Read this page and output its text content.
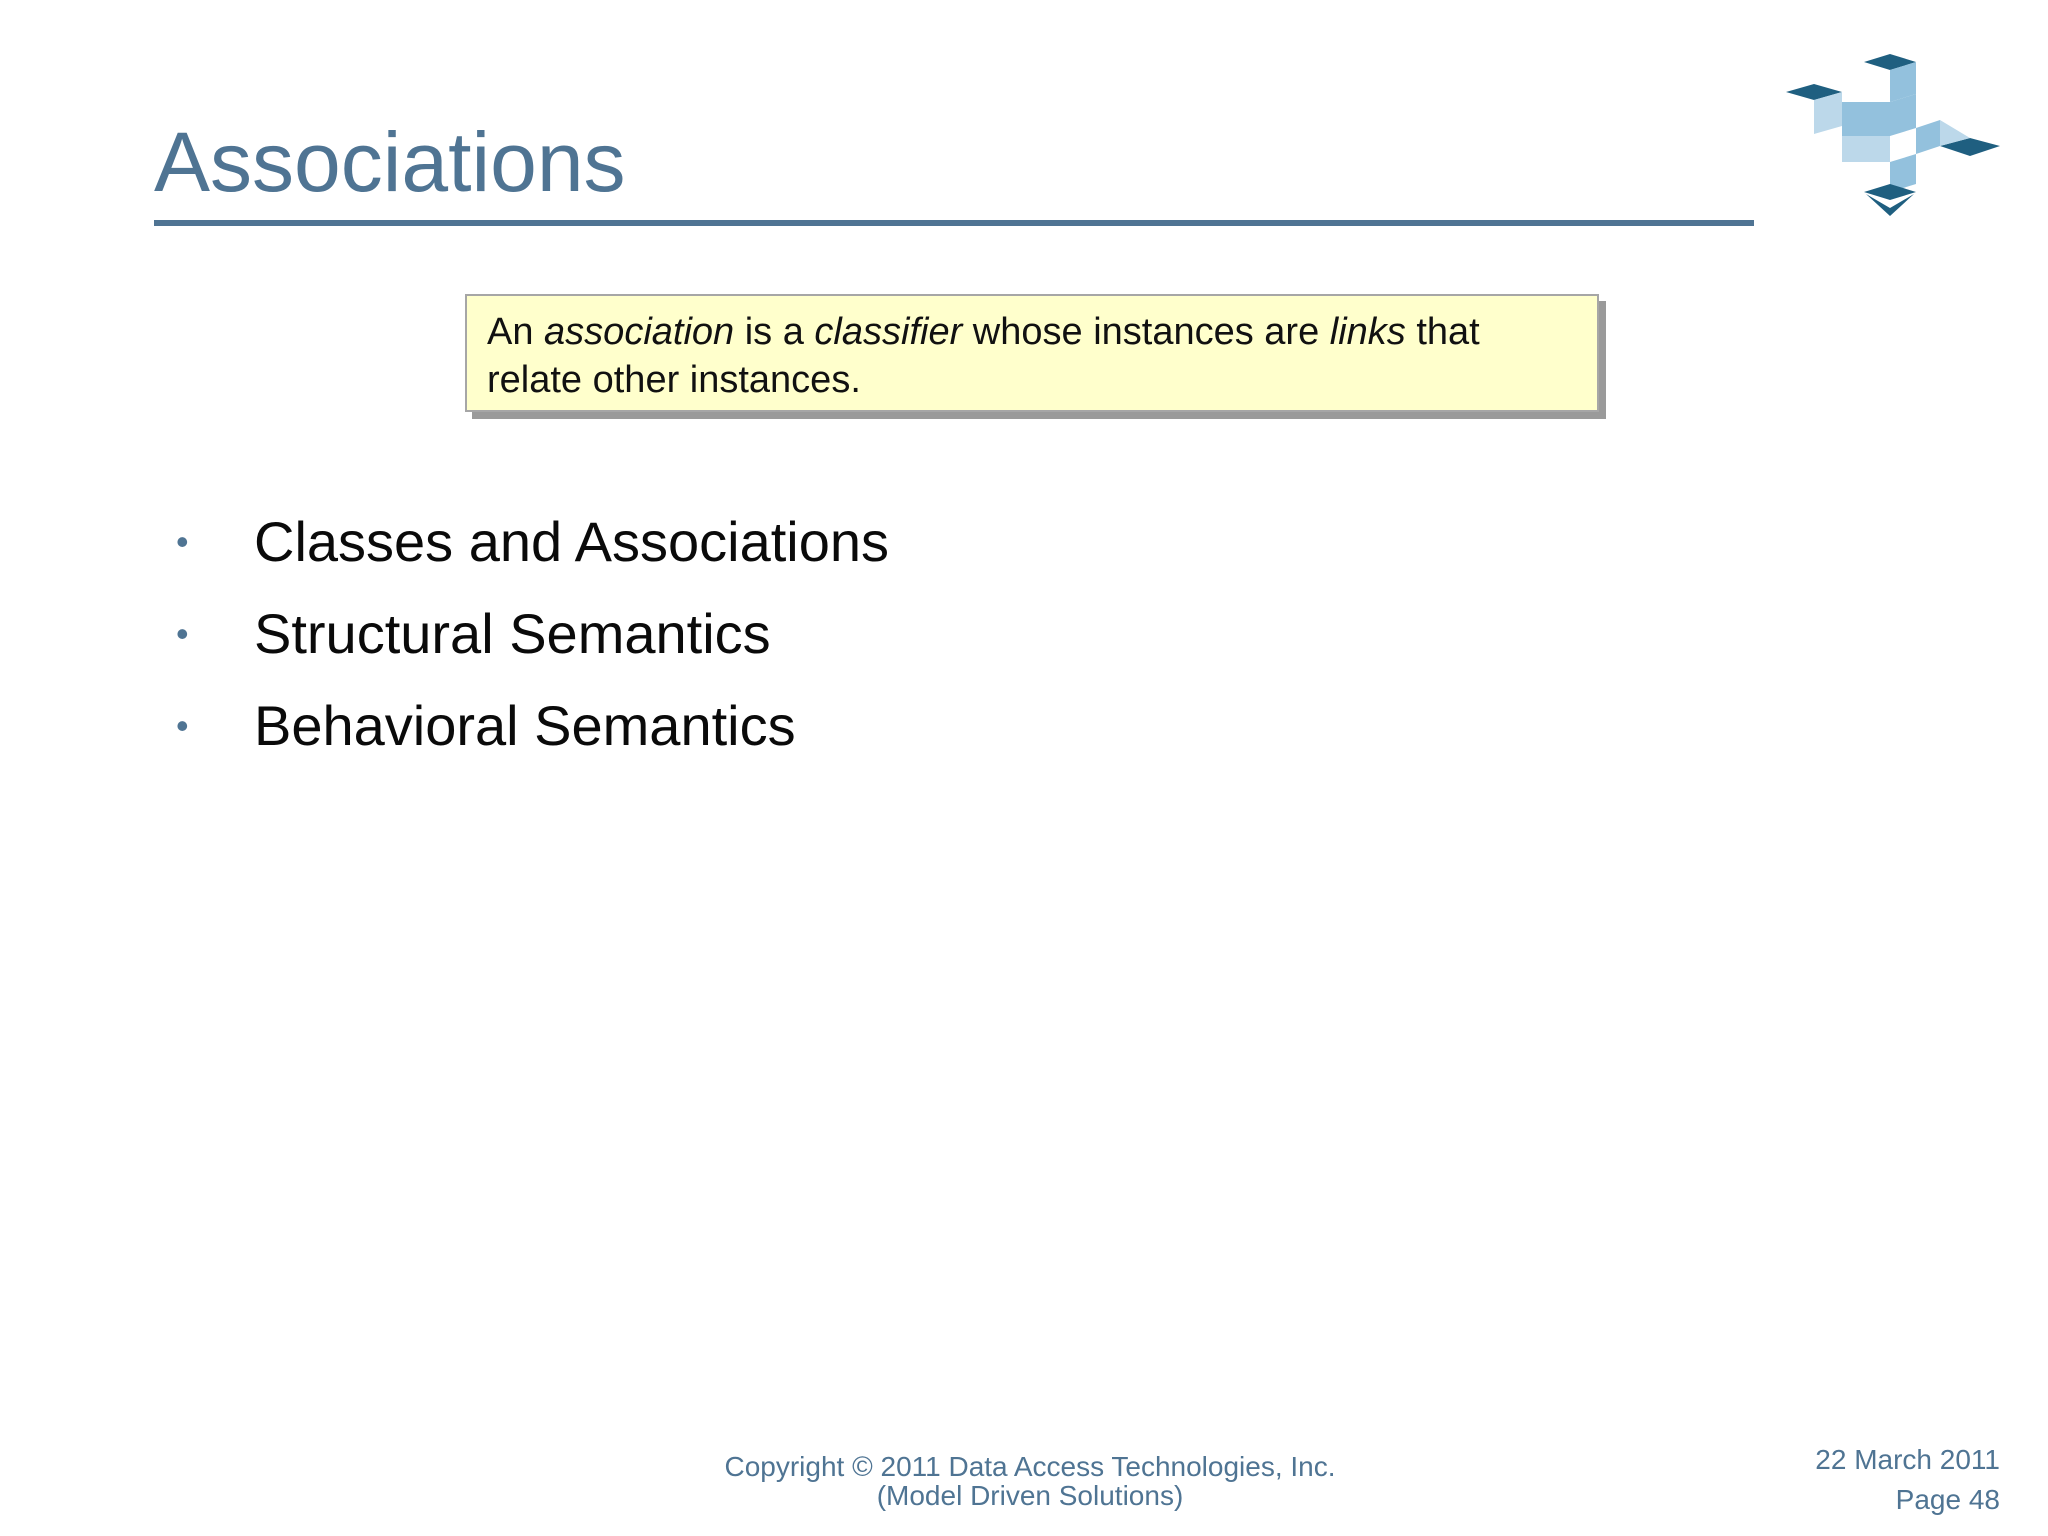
Associations
An association is a classifier whose instances are links that relate other instances.
• Classes and Associations
• Structural Semantics
• Behavioral Semantics
Copyright © 2011 Data Access Technologies, Inc.
(Model Driven Solutions)
22 March 2011
Page 48
